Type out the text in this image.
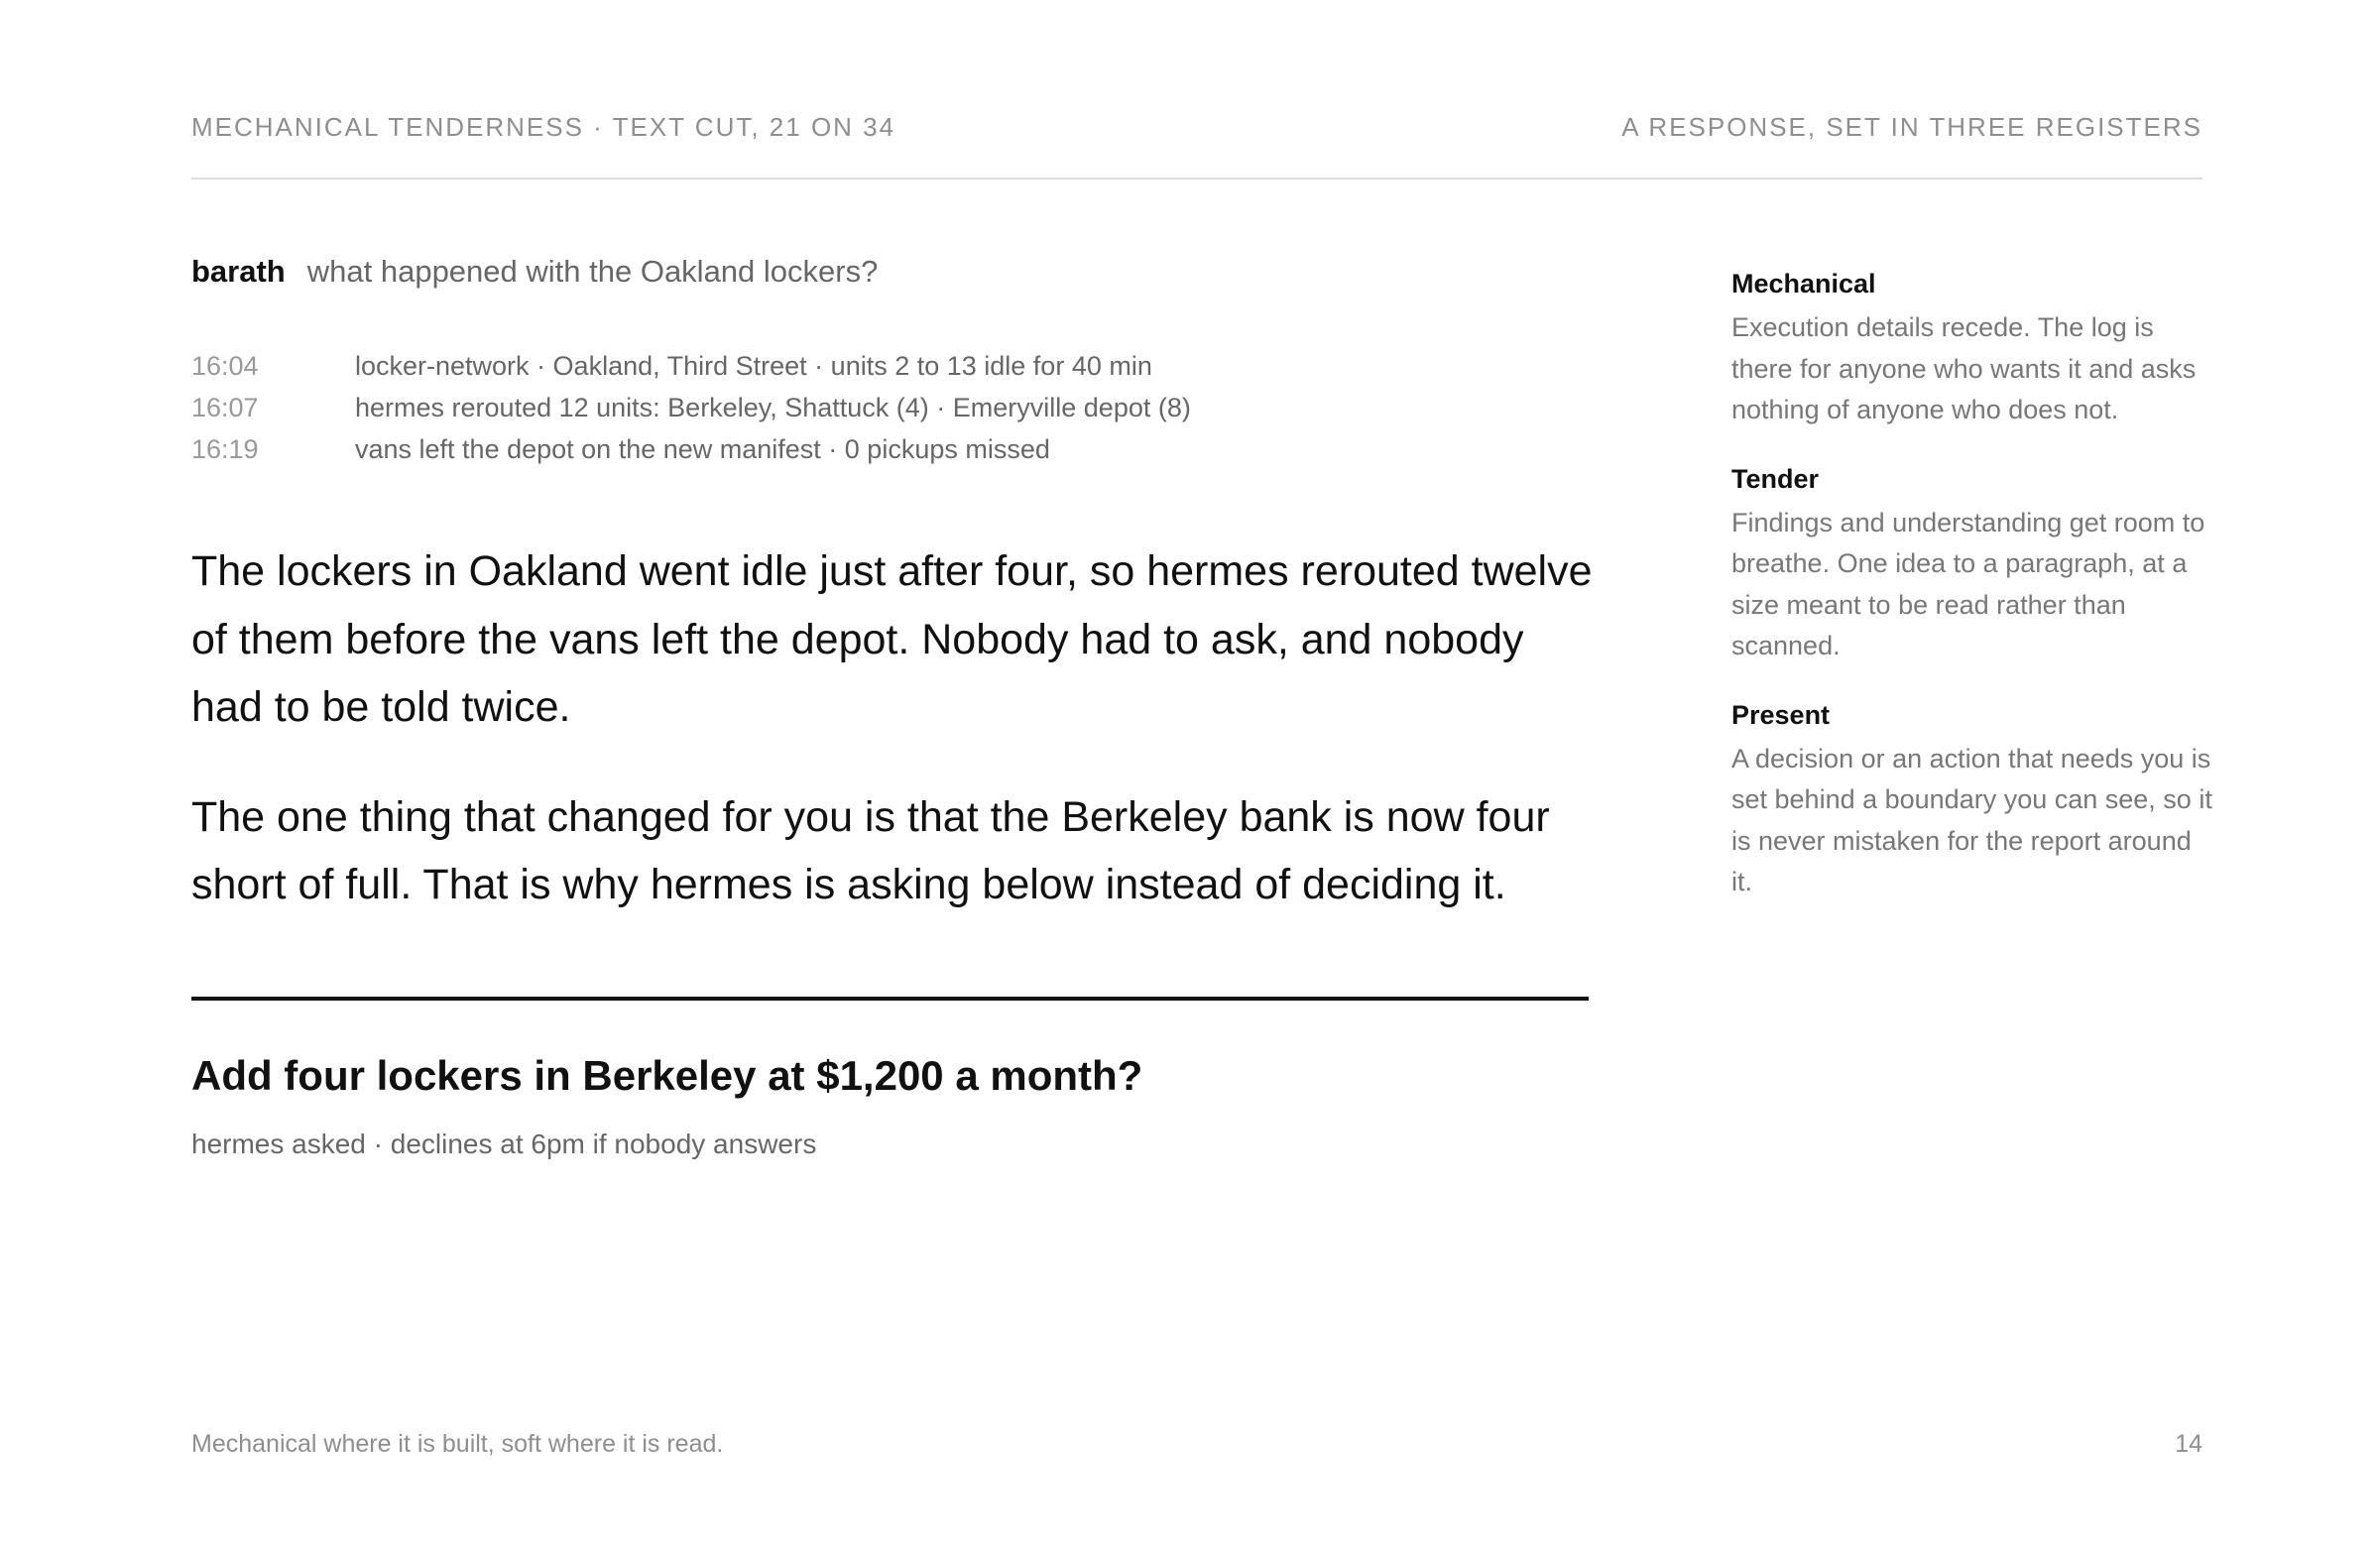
MECHANICAL TENDERNESS · TEXT CUT, 21 ON 34	A RESPONSE, SET IN THREE REGISTERS
barath what happened with the Oakland lockers?
16:04	locker-network · Oakland, Third Street · units 2 to 13 idle for 40 min
16:07	hermes rerouted 12 units: Berkeley, Shattuck (4) · Emeryville depot (8)
16:19	vans left the depot on the new manifest · 0 pickups missed

The lockers in Oakland went idle just after four, so hermes rerouted twelve of them before the vans left the depot. Nobody had to ask, and nobody had to be told twice.

The one thing that changed for you is that the Berkeley bank is now four short of full. That is why hermes is asking below instead of deciding it.

Add four lockers in Berkeley at $1,200 a month?
hermes asked · declines at 6pm if nobody answers
Mechanical
Execution details recede. The log is there for anyone who wants it and asks nothing of anyone who does not.
Tender
Findings and understanding get room to breathe. One idea to a paragraph, at a size meant to be read rather than scanned.
Present
A decision or an action that needs you is set behind a boundary you can see, so it is never mistaken for the report around it.
Mechanical where it is built, soft where it is read.	14
